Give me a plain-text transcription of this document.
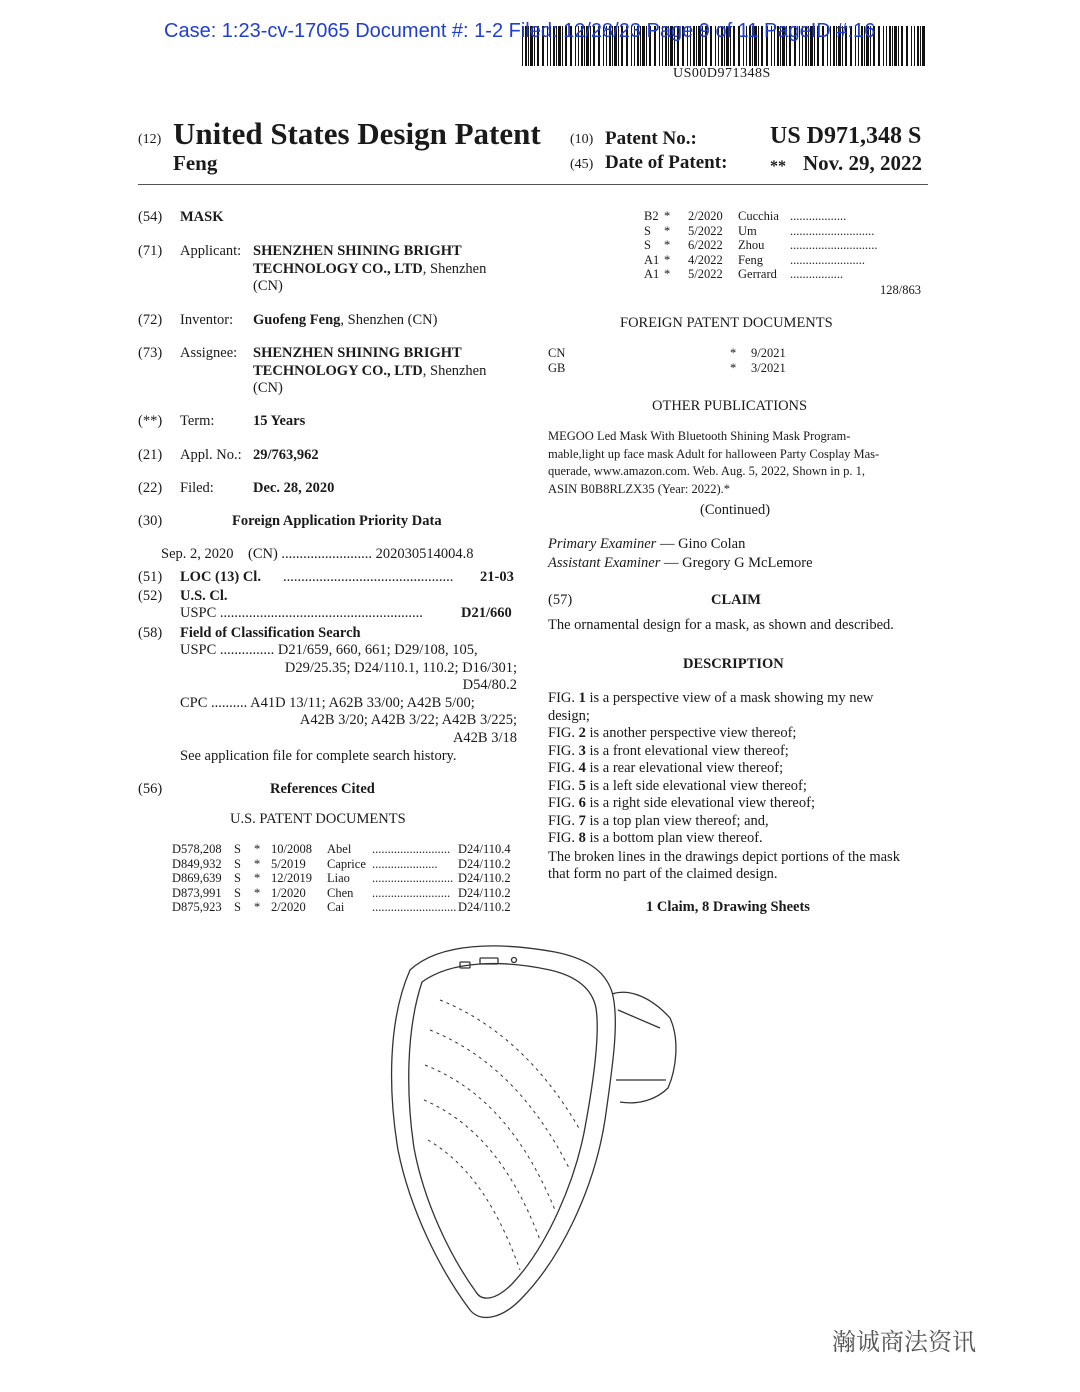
Case: 1:23-cv-17065 Document #: 1-2 Filed: 12/28/23 Page 9 of 11 PageID #:16
US00D971348S
(12) United States Design Patent
Feng
(10) Patent No.:	US D971,348 S
(45) Date of Patent:	** Nov. 29, 2022
(54) MASK
(71) Applicant: SHENZHEN SHINING BRIGHT
TECHNOLOGY CO., LTD, Shenzhen
(CN)
(72) Inventor: Guofeng Feng, Shenzhen (CN)
(73) Assignee: SHENZHEN SHINING BRIGHT
TECHNOLOGY CO., LTD, Shenzhen
(CN)
(**) Term:	15 Years
(21) Appl. No.: 29/763,962
(22) Filed:	Dec. 28, 2020
(30)	Foreign Application Priority Data
Sep. 2, 2020    (CN) ......................... 202030514004.8
(51) LOC (13) Cl. ............................................... 21-03
(52) U.S. Cl.
USPC ........................................................	D21/660
(58) Field of Classification Search
USPC ............... D21/659, 660, 661; D29/108, 105,
D29/25.35; D24/110.1, 110.2; D16/301;
D54/80.2
CPC .......... A41D 13/11; A62B 33/00; A42B 5/00;
A42B 3/20; A42B 3/22; A42B 3/225;
A42B 3/18
See application file for complete search history.
(56)	References Cited
U.S. PATENT DOCUMENTS
D578,208 S * 10/2008 Abel ......................... D24/110.4
D849,932 S * 5/2019 Caprice ..................... D24/110.2
D869,639 S * 12/2019 Liao .......................... D24/110.2
D873,991 S * 1/2020 Chen ......................... D24/110.2
D875,923 S * 2/2020 Cai ........................... D24/110.2
B2 * 2/2020 Cucchia ..................
S * 5/2022 Um	...........................
S * 6/2022 Zhou ............................
A1 * 4/2022 Feng ........................
A1 * 5/2022 Gerrard .................
128/863
FOREIGN PATENT DOCUMENTS
CN	* 9/2021
GB	* 3/2021
OTHER PUBLICATIONS
MEGOO Led Mask With Bluetooth Shining Mask Program-
mable,light up face mask Adult for halloween Party Cosplay Mas-
querade, www.amazon.com. Web. Aug. 5, 2022, Shown in p. 1,
ASIN B0B8RLZX35 (Year: 2022).*
(Continued)
Primary Examiner — Gino Colan
Assistant Examiner — Gregory G McLemore
(57)	CLAIM
The ornamental design for a mask, as shown and described.
DESCRIPTION
FIG. 1 is a perspective view of a mask showing my new
design;
FIG. 2 is another perspective view thereof;
FIG. 3 is a front elevational view thereof;
FIG. 4 is a rear elevational view thereof;
FIG. 5 is a left side elevational view thereof;
FIG. 6 is a right side elevational view thereof;
FIG. 7 is a top plan view thereof; and,
FIG. 8 is a bottom plan view thereof.
The broken lines in the drawings depict portions of the mask
that form no part of the claimed design.
1 Claim, 8 Drawing Sheets
瀚诚商法资讯
